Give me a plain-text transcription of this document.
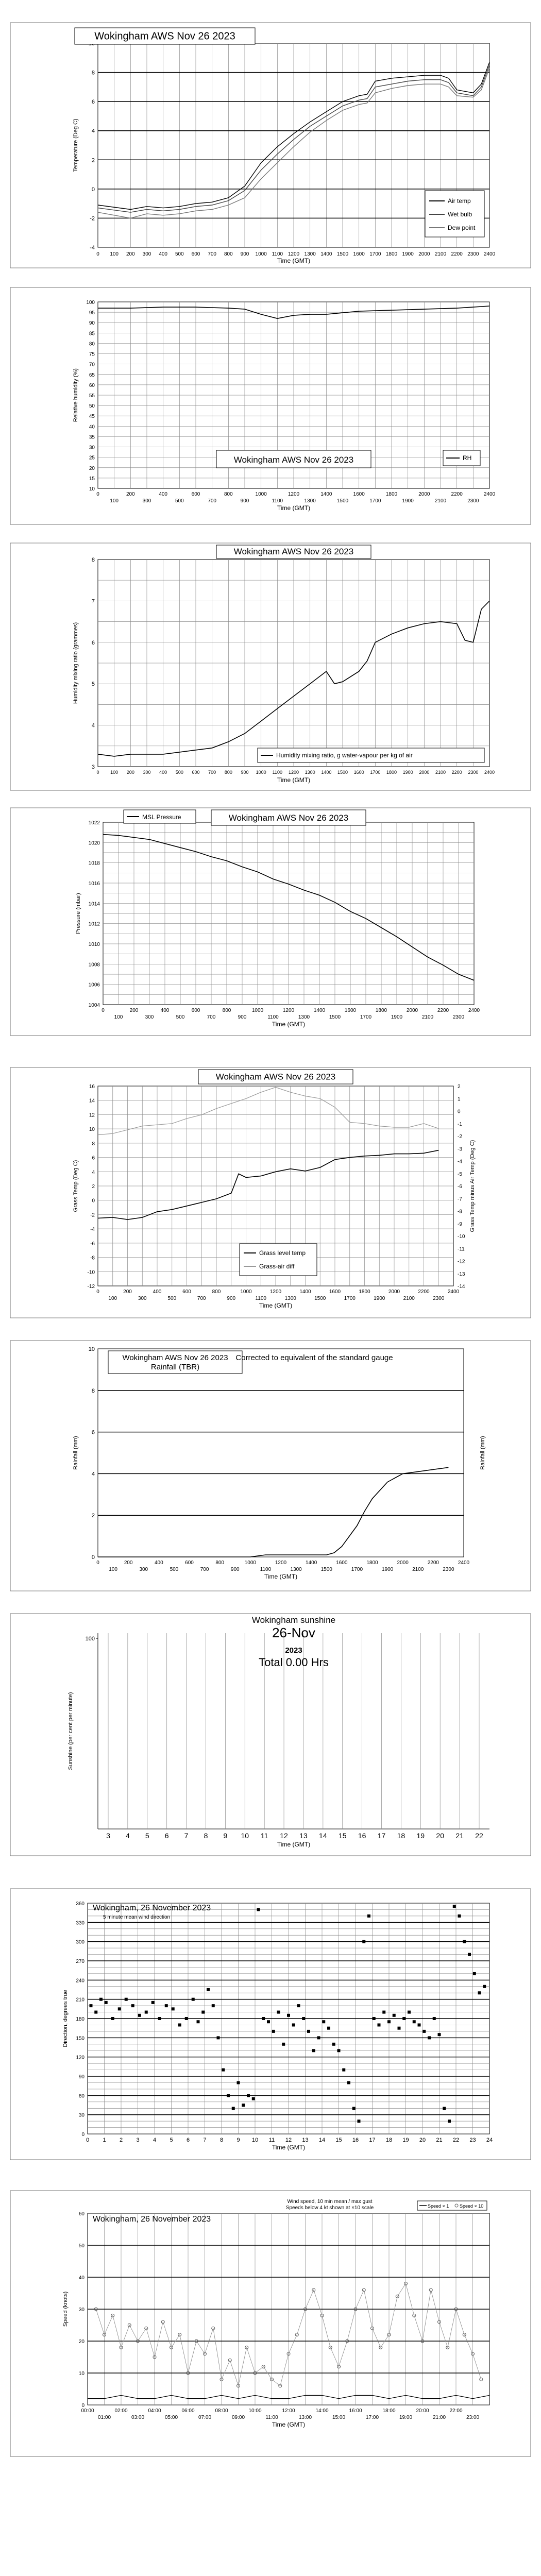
-4
-2
0
2
4
6
8
0 100 200 300 400 500 600 700 800 900 1000 1100 1200 1300 1400 1500 1600 1700 1800 1900 2000 2100 2200 2300 2400
Time (GMT)
Temperature (Deg C)
Wokingham AWS Nov 26 2023
Air temp
Wet bulb
Dew point
10
15
20
25
30
35
40
45
50
55
60
65
70
75
80
85
90
95
100
0	200	400	600	800	1000	1200	1400	1600	1800	2000	2200	2400
100	300	500	700	900	1100	1300	1500	1700	1900	2100	2300
Time (GMT)
Relative humidity (%)
Wokingham AWS Nov 26 2023	RH
3
4
5
6
7
8
0 100 200 300 400 500 600 700 800 900 1000 1100 1200 1300 1400 1500 1600 1700 1800 1900 2000 2100 2200 2300 2400
Time (GMT)
Humidity mixing ratio (grammes)
Wokingham AWS Nov 26 2023
Humidity mixing ratio, g water-vapour per kg of air
1004
1006
1008
1010
1012
1014
1016
1018
1020
1022
0	200	400	600	800	1000	1200	1400	1600	1800	2000	2200	2400
100	300	500	700	900	1100	1300	1500	1700	1900	2100	2300
Time (GMT)
Pressure (mbar)
Wokingham AWS Nov 26 2023
MSL Pressure
-12
-10
-8
-6
-4
-2
0
2
4
6
8
10
12
14
16
-14
-13
-12
-11
-10
-9
-8
-7
-6
-5
-4
-3
-2
-1
0
1
2
0	200	400	600	800	1000	1200	1400	1600	1800	2000	2200	2400
100	300	500	700	900	1100	1300	1500	1700	1900	2100	2300
Time (GMT)
Grass Temp (Deg C)	Grass Temp minus Air Temp (Deg C)
Wokingham AWS Nov 26 2023
Grass level temp
Grass-air diff
0
2
4
6
8
10
0	200	400	600	800	1000	1200	1400	1600	1800	2000	2200	2400
100	300	500	700	900	1100	1300	1500	1700	1900	2100	2300
Time (GMT)
Rainfall (mm)	Rainfall (mm)
Wokingham AWS Nov 26 2023
Rainfall (TBR)
Corrected to equivalent of the standard gauge
100
3 4 5 6 7 8 9 10 11 12 13 14 15 16 17 18 19 20 21 22
Time (GMT)
Sunshine (per cent per minute)
Wokingham sunshine
26-Nov
2023
Total 0.00 Hrs
0
30
60
90
120
150
180
210
240
270
300
330
360
0 1 2 3 4 5 6 7 8 9 10 11 12 13 14 15 16 17 18 19 20 21 22 23 24
Time (GMT)
Direction, degrees true
Wokingham, 26 November 2023
5 minute mean wind direction
0
10
20
30
40
50
60
00:00	02:00	04:00	06:00	08:00	10:00	12:00	14:00	16:00	18:00	20:00	22:00
01:00	03:00	05:00	07:00	09:00	11:00	13:00	15:00	17:00	19:00	21:00	23:00
Time (GMT)
Speed (knots)
Wokingham, 26 November 2023
Wind speed, 10 min mean / max gust
Speeds below 4 kt shown at ×10 scale	Speed × 1 Speed × 10
